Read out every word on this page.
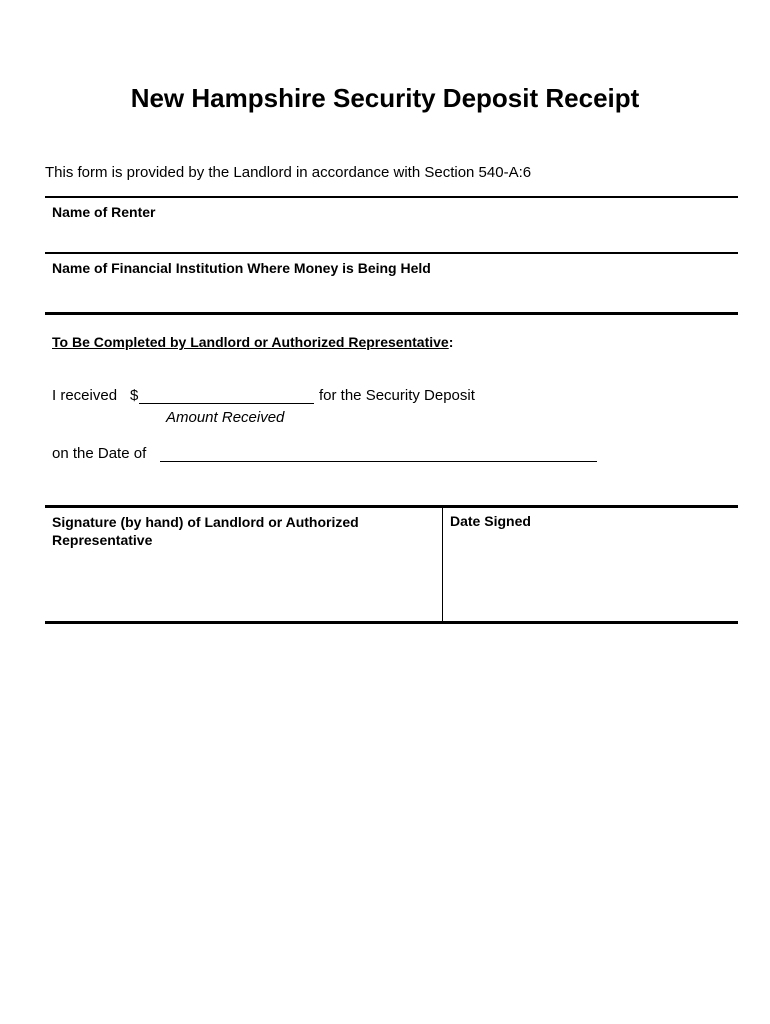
New Hampshire Security Deposit Receipt
This form is provided by the Landlord in accordance with Section 540-A:6
Name of Renter
Name of Financial Institution Where Money is Being Held
To Be Completed by Landlord or Authorized Representative:
I received $	for the Security Deposit
Amount Received
on the Date of
Signature (by hand) of Landlord or Authorized Representative
Date Signed
